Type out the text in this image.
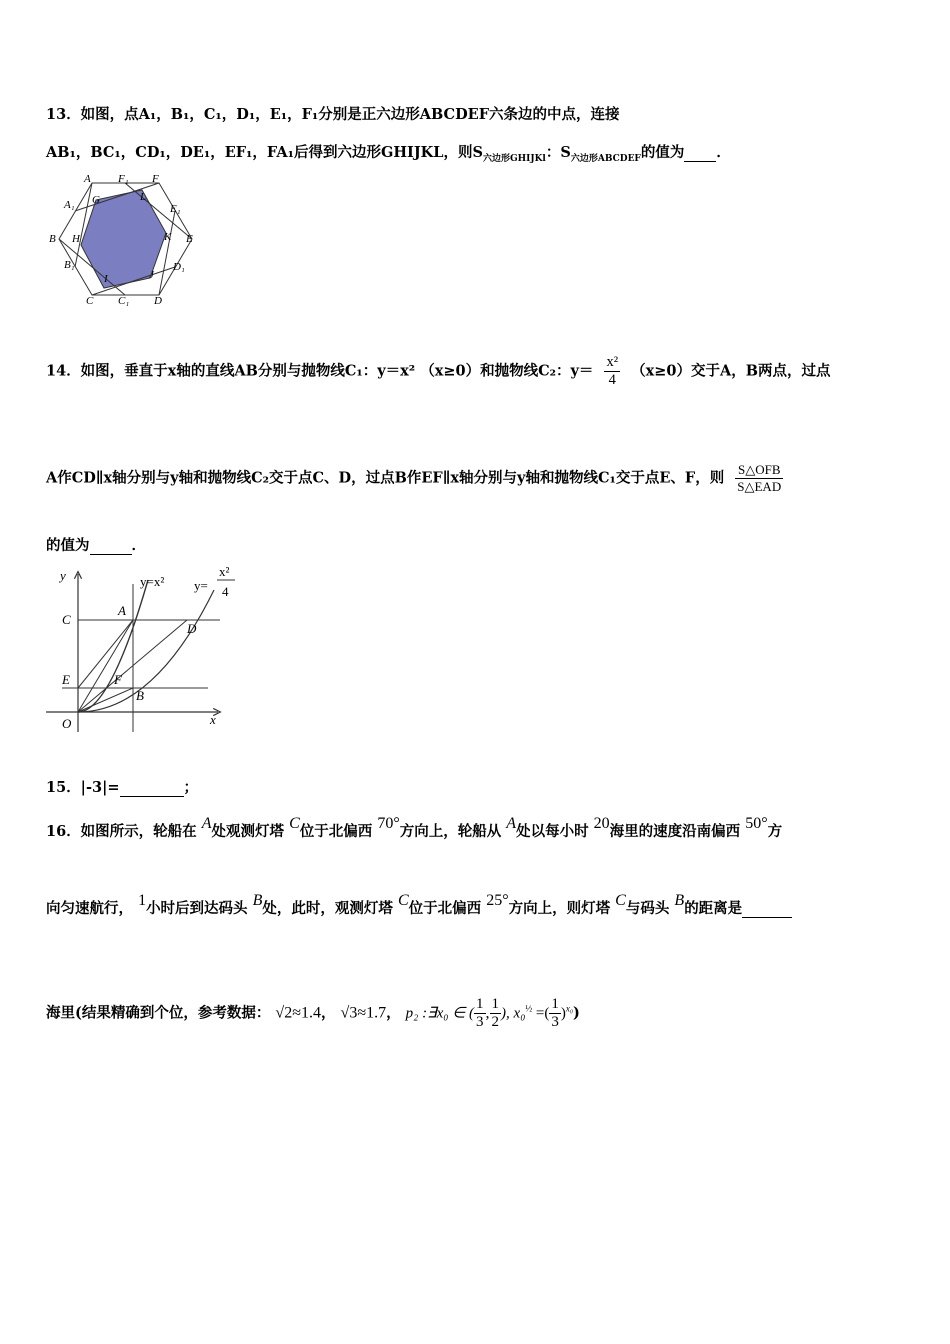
13．如图，点A₁，B₁，C₁，D₁，E₁，F₁分别是正六边形ABCDEF六条边的中点，连接
AB₁，BC₁，CD₁，DE₁，EF₁，FA₁后得到六边形GHIJKL，则$S_{六边形GHIJKl}$：$S_{六边形ABCDEF}$的值为 ．
A F₁ F
A₁ G	L
E₁
B H	K E
B₁	D₁
I	J
C C₁ D
14．如图，垂直于x轴的直线AB分别与抛物线C₁：y＝x² （x≥0）和抛物线C₂：$y= \frac{\text{x²}}{4} (x\ge 0)$交于A，B两点，过点
A作CD∥x轴分别与y轴和抛物线C₂交于点C、D，过点B作EF∥x轴分别与y轴和抛物线C₁交于点E、F，则 $\frac{\text{S△OFB}}{\text{S△EAD}}$
的值为	．
y
x
O
C
A
D
E	F
B
y=x² y=
x²
4
15．|-3|=	；
16．如图所示，轮船在 A处观测灯塔 C位于北偏西 70°方向上，轮船从 A处以每小时 20海里的速度沿南偏西 50°方
向匀速航行， 1小时后到达码头 B处，此时，观测灯塔 C位于北偏西 25°方向上，则灯塔 C与码头 B的距离是
海里(结果精确到个位，参考数据： √2≈1.4， √3≈1.7， p₂ :∃x₀ ∈ ( $\frac{1}{3}$ , $\frac{1}{2}$ ), x₀$^{\frac{1}{2}}$ =( $\frac{1}{3} )^{x_0}$)
